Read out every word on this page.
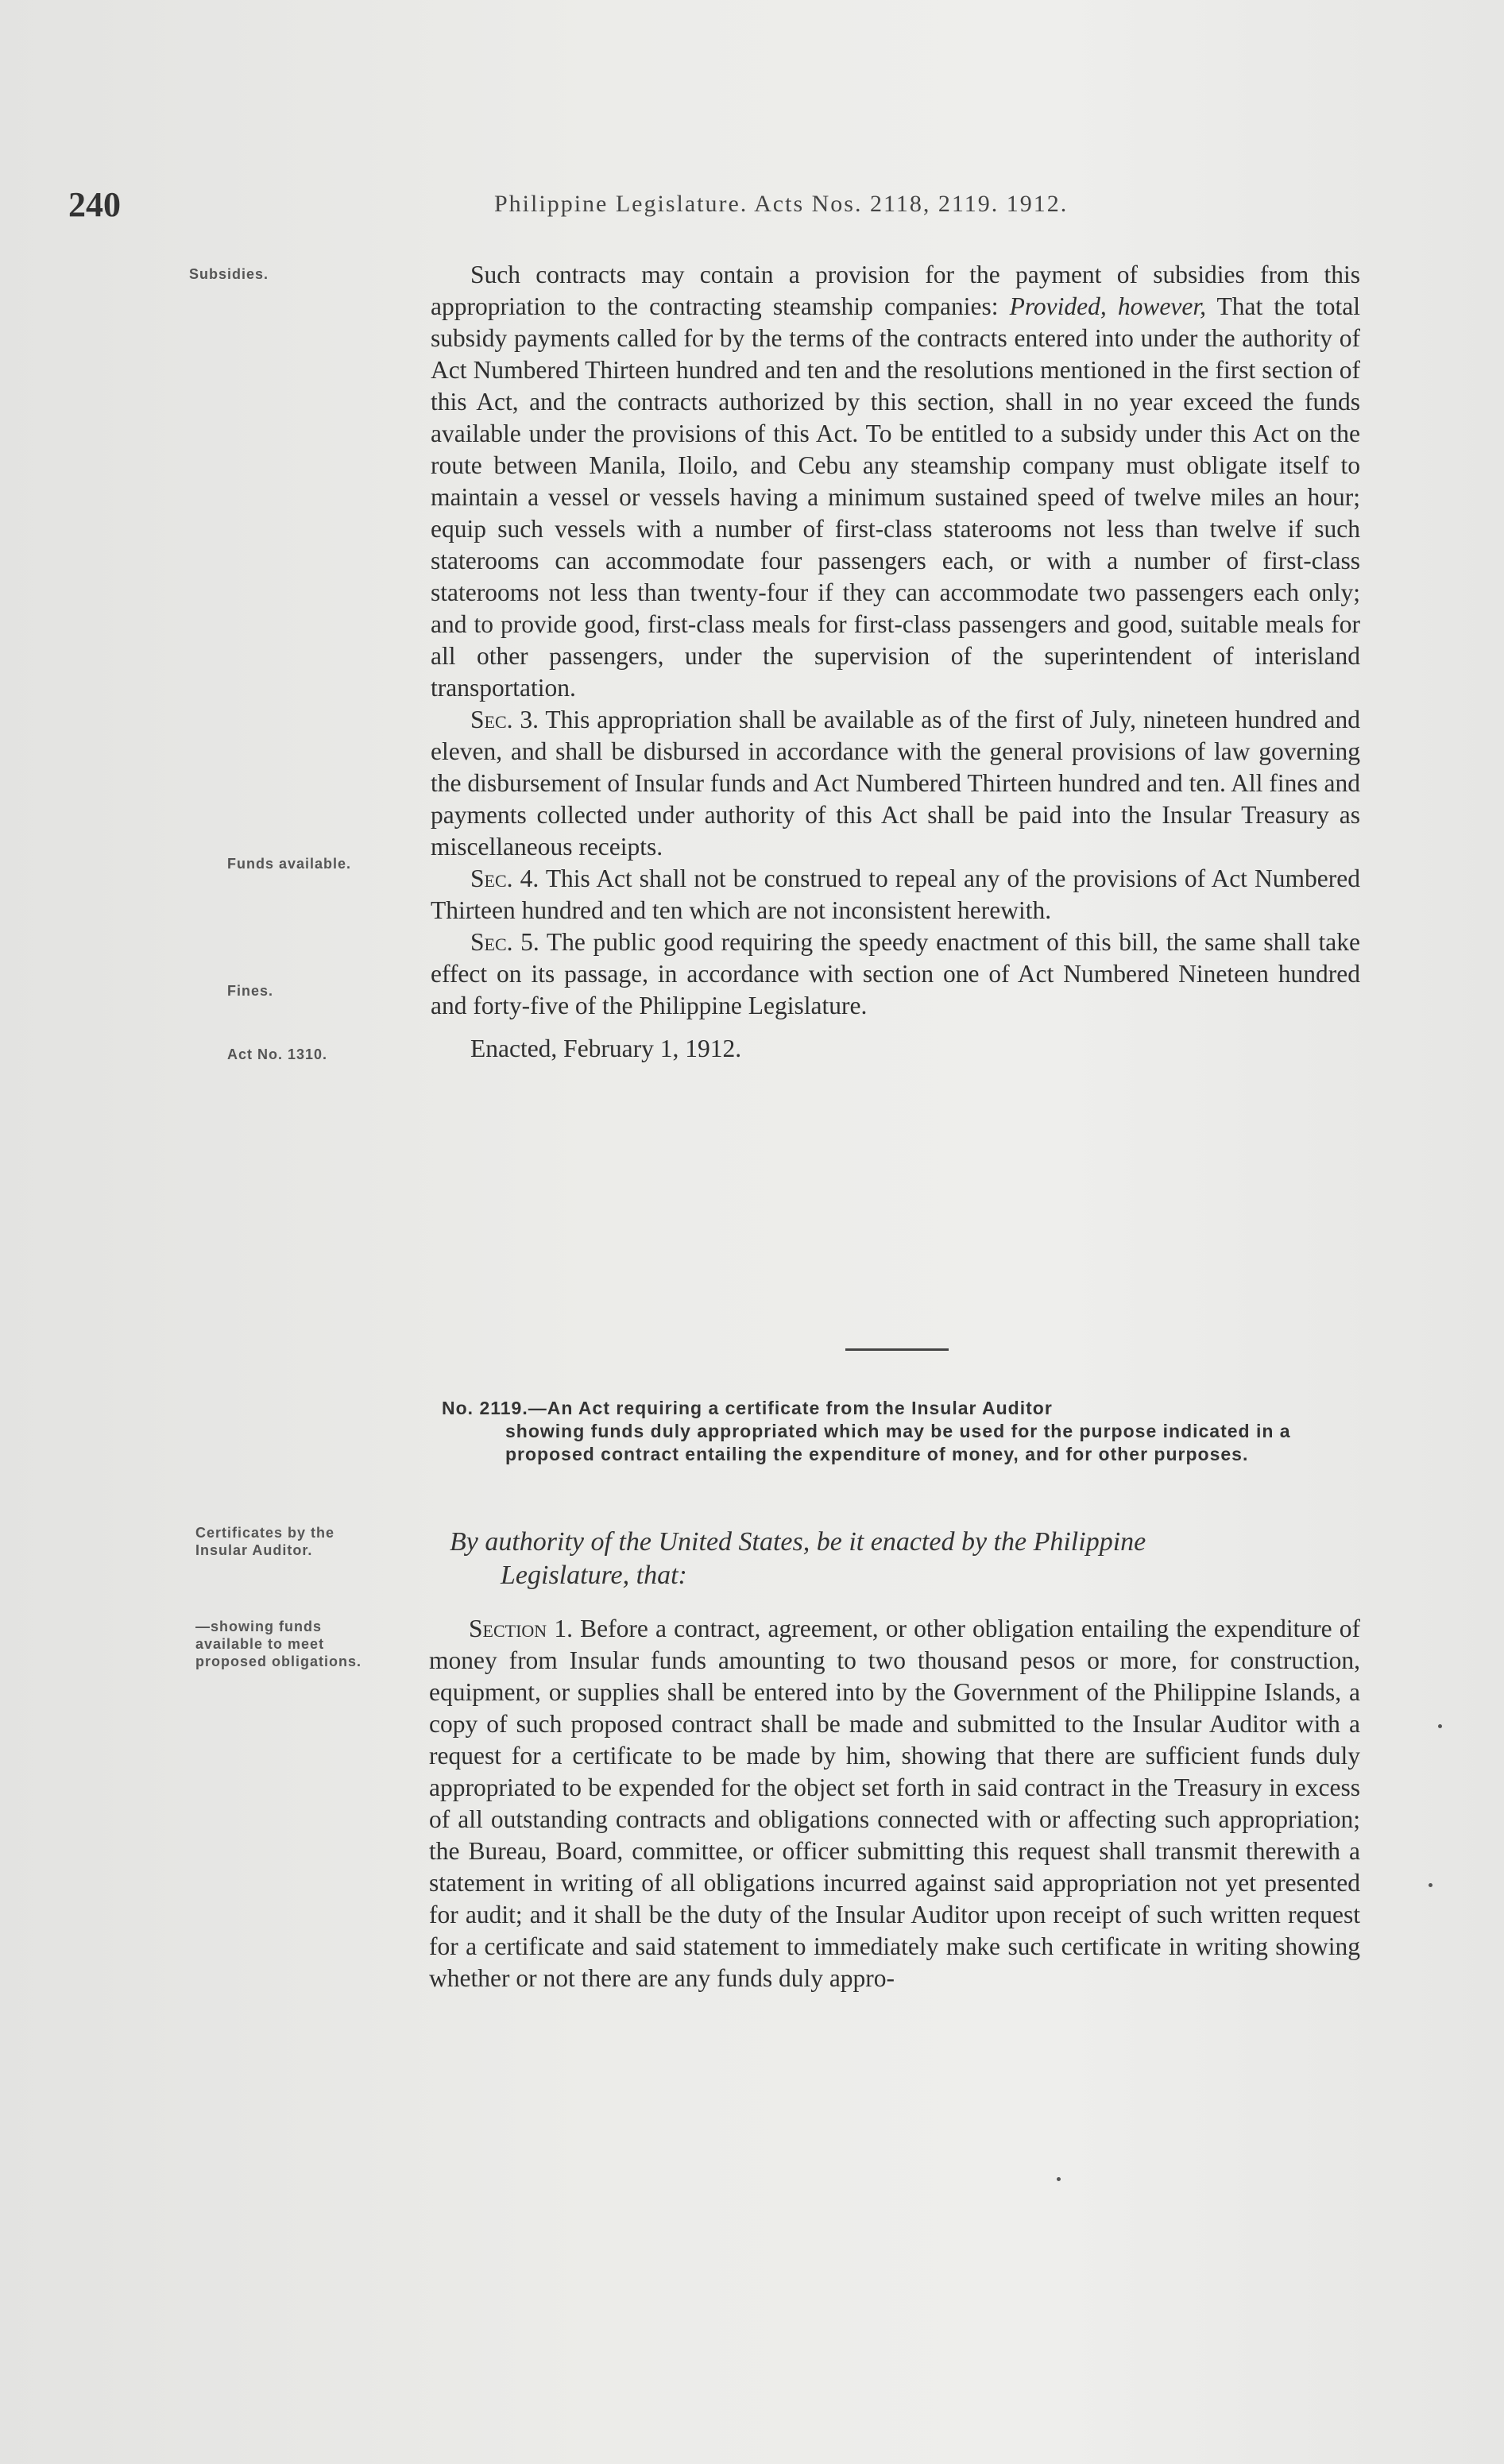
240	Philippine Legislature. Acts Nos. 2118, 2119. 1912.
Subsidies.
Funds available.
Fines.
Act No. 1310.
Certificates by the
Insular Auditor.
—showing funds
available to meet
proposed obligations.

Such contracts may contain a provision for the payment of subsidies from this appropriation to the contracting steamship companies: Provided, however, That the total subsidy payments called for by the terms of the contracts entered into under the authority of Act Numbered Thirteen hundred and ten and the resolutions mentioned in the first section of this Act, and the contracts authorized by this section, shall in no year exceed the funds available under the provisions of this Act. To be entitled to a subsidy under this Act on the route between Manila, Iloilo, and Cebu any steamship company must obligate itself to maintain a vessel or vessels having a minimum sustained speed of twelve miles an hour; equip such vessels with a number of first-class staterooms not less than twelve if such staterooms can accommodate four passengers each, or with a number of first-class staterooms not less than twenty-four if they can accommodate two passengers each only; and to provide good, first-class meals for first-class passengers and good, suitable meals for all other passengers, under the supervision of the superintendent of interisland transportation.

Sec. 3. This appropriation shall be available as of the first of July, nineteen hundred and eleven, and shall be disbursed in accordance with the general provisions of law governing the disbursement of Insular funds and Act Numbered Thirteen hundred and ten. All fines and payments collected under authority of this Act shall be paid into the Insular Treasury as miscellaneous receipts.

Sec. 4. This Act shall not be construed to repeal any of the provisions of Act Numbered Thirteen hundred and ten which are not inconsistent herewith.

Sec. 5. The public good requiring the speedy enactment of this bill, the same shall take effect on its passage, in accordance with section one of Act Numbered Nineteen hundred and forty-five of the Philippine Legislature.

Enacted, February 1, 1912.

No. 2119.—An Act requiring a certificate from the Insular Auditor
showing funds duly appropriated which may be used for the purpose indicated in a proposed contract entailing the expenditure of money, and for other purposes.
By authority of the United States, be it enacted by the Philippine
Legislature, that:

Section 1. Before a contract, agreement, or other obligation entailing the expenditure of money from Insular funds amounting to two thousand pesos or more, for construction, equipment, or supplies shall be entered into by the Government of the Philippine Islands, a copy of such proposed contract shall be made and submitted to the Insular Auditor with a request for a certificate to be made by him, showing that there are sufficient funds duly appropriated to be expended for the object set forth in said contract in the Treasury in excess of all outstanding contracts and obligations connected with or affecting such appropriation; the Bureau, Board, committee, or officer submitting this request shall transmit therewith a statement in writing of all obligations incurred against said appropriation not yet presented for audit; and it shall be the duty of the Insular Auditor upon receipt of such written request for a certificate and said statement to immediately make such certificate in writing showing whether or not there are any funds duly appro-
